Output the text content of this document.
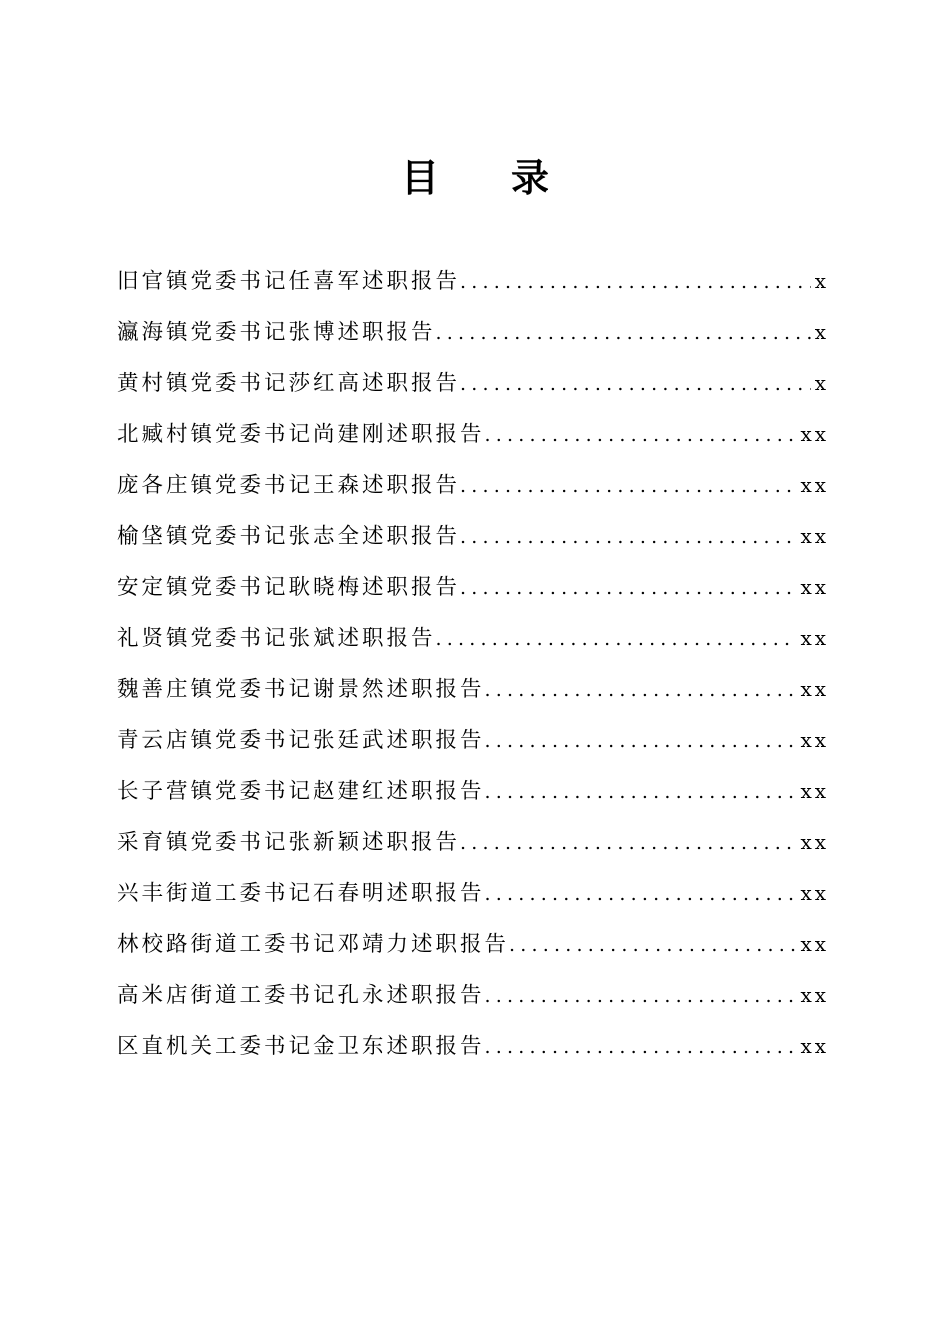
目 录
旧官镇党委书记任喜军述职报告 .....	x
瀛海镇党委书记张博述职报告 .....	x
黄村镇党委书记莎红高述职报告 .....	x
北臧村镇党委书记尚建刚述职报告 .....	xx
庞各庄镇党委书记王森述职报告 .....	xx
榆垡镇党委书记张志全述职报告 .....	xx
安定镇党委书记耿晓梅述职报告 .....	xx
礼贤镇党委书记张斌述职报告 .....	xx
魏善庄镇党委书记谢景然述职报告 .....	xx
青云店镇党委书记张廷武述职报告 .....	xx
长子营镇党委书记赵建红述职报告 .....	xx
采育镇党委书记张新颖述职报告 .....	xx
兴丰街道工委书记石春明述职报告 .....	xx
林校路街道工委书记邓靖力述职报告 .....	xx
高米店街道工委书记孔永述职报告 .....	xx
区直机关工委书记金卫东述职报告 .....	xx
